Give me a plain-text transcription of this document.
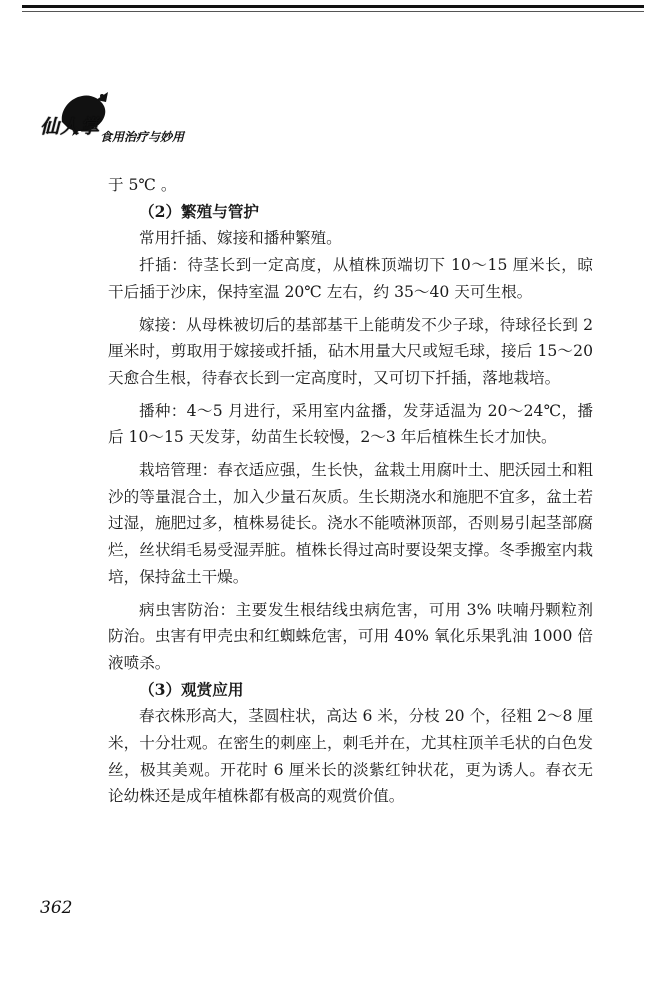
仙人掌 食用治疗与妙用

于 5℃ 。

（2）繁殖与管护

常用扦插、嫁接和播种繁殖。

扦插：待茎长到一定高度，从植株顶端切下 10～15 厘米长，晾干后插于沙床，保持室温 20℃ 左右，约 35～40 天可生根。

嫁接：从母株被切后的基部基干上能萌发不少子球，待球径长到 2 厘米时，剪取用于嫁接或扦插，砧木用量大尺或短毛球，接后 15～20 天愈合生根，待春衣长到一定高度时，又可切下扦插，落地栽培。

播种：4～5 月进行，采用室内盆播，发芽适温为 20～24℃，播后 10～15 天发芽，幼苗生长较慢，2～3 年后植株生长才加快。

栽培管理：春衣适应强，生长快，盆栽土用腐叶土、肥沃园土和粗沙的等量混合土，加入少量石灰质。生长期浇水和施肥不宜多，盆土若过湿，施肥过多，植株易徒长。浇水不能喷淋顶部，否则易引起茎部腐烂，丝状绢毛易受湿弄脏。植株长得过高时要设架支撑。冬季搬室内栽培，保持盆土干燥。

病虫害防治：主要发生根结线虫病危害，可用 3% 呋喃丹颗粒剂防治。虫害有甲壳虫和红蜘蛛危害，可用 40% 氧化乐果乳油 1000 倍液喷杀。

（3）观赏应用

春衣株形高大，茎圆柱状，高达 6 米，分枝 20 个，径粗 2～8 厘米，十分壮观。在密生的刺座上，刺毛并在，尤其柱顶羊毛状的白色发丝，极其美观。开花时 6 厘米长的淡紫红钟状花，更为诱人。春衣无论幼株还是成年植株都有极高的观赏价值。

362
